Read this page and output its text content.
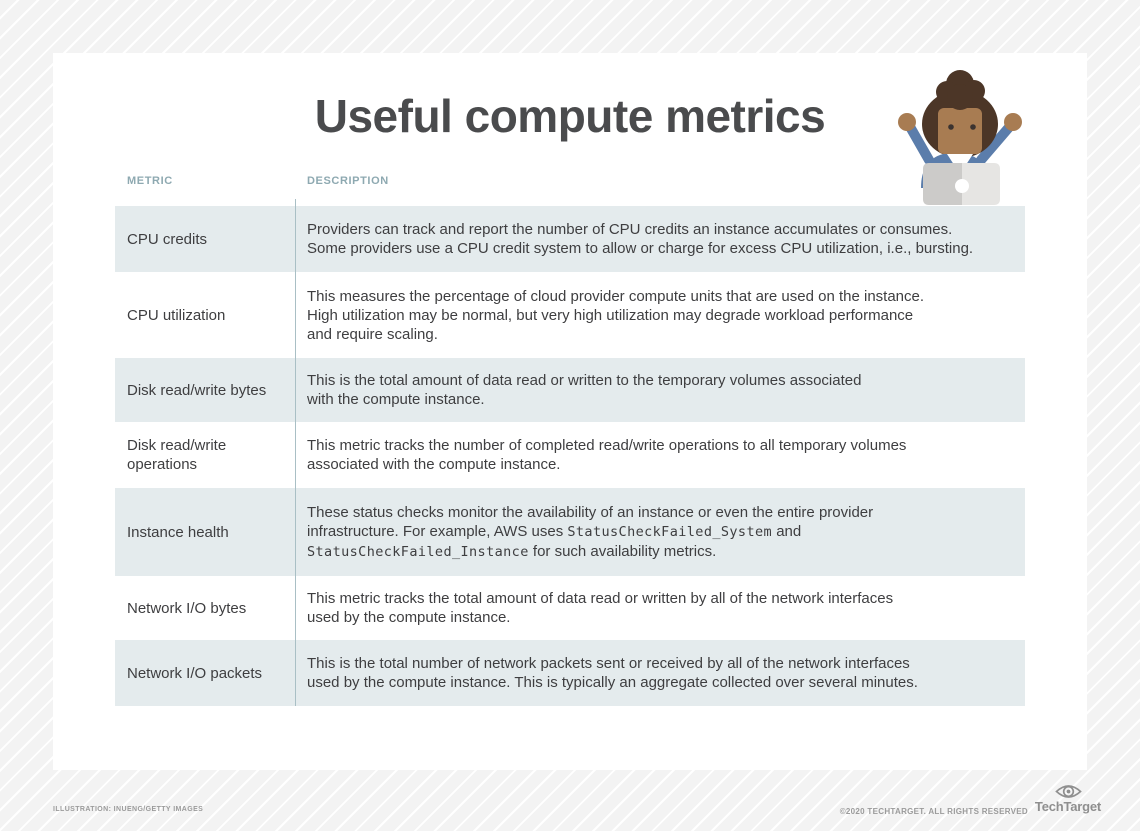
Useful compute metrics
METRIC	DESCRIPTION
CPU credits
Providers can track and report the number of CPU credits an instance accumulates or consumes.
Some providers use a CPU credit system to allow or charge for excess CPU utilization, i.e., bursting.
CPU utilization
This measures the percentage of cloud provider compute units that are used on the instance.
High utilization may be normal, but very high utilization may degrade workload performance
and require scaling.
Disk read/write bytes
This is the total amount of data read or written to the temporary volumes associated
with the compute instance.
Disk read/write operations
This metric tracks the number of completed read/write operations to all temporary volumes
associated with the compute instance.
Instance health
These status checks monitor the availability of an instance or even the entire provider
infrastructure. For example, AWS uses StatusCheckFailed_System and
StatusCheckFailed_Instance for such availability metrics.
Network I/O bytes
This metric tracks the total amount of data read or written by all of the network interfaces
used by the compute instance.
Network I/O packets
This is the total number of network packets sent or received by all of the network interfaces
used by the compute instance. This is typically an aggregate collected over several minutes.
ILLUSTRATION: INUENG/GETTY IMAGES	©2020 TECHTARGET. ALL RIGHTS RESERVED TechTarget
